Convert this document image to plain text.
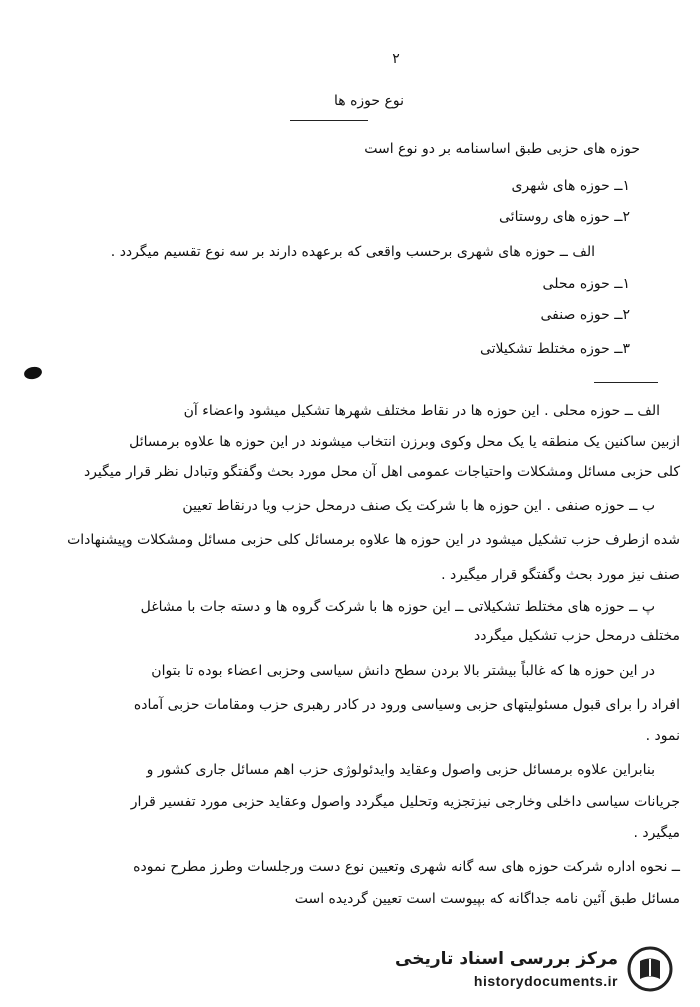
۲
نوع حوزه ها
حوزه های حزبی طبق اساسنامه بر دو نوع است
۱ــ حوزه های شهری
۲ــ حوزه های روستائی
الف ــ حوزه های شهری برحسب واقعی که برعهده دارند بر سه نوع تقسیم میگردد .
۱ــ حوزه محلی
۲ــ حوزه صنفی
۳ــ حوزه مختلط تشکیلاتی
الف ــ حوزه محلی . این حوزه ها در نقاط مختلف شهرها تشکیل میشود واعضاء آن
ازبین ساکنین یک منطقه یا یک محل وکوی وبرزن انتخاب میشوند در این حوزه ها علاوه برمسائل
کلی حزبی مسائل ومشکلات واحتیاجات عمومی اهل آن محل مورد بحث وگفتگو وتبادل نظر قرار میگیرد
ب ــ حوزه صنفی . این حوزه ها با شرکت یک صنف درمحل حزب ویا درنقاط تعیین
شده ازطرف حزب تشکیل میشود در این حوزه ها علاوه برمسائل کلی حزبی مسائل ومشکلات وپیشنهادات
صنف نیز مورد بحث وگفتگو قرار میگیرد .
پ ــ حوزه های مختلط تشکیلاتی ــ این حوزه ها با شرکت گروه ها و دسته جات با مشاغل
مختلف درمحل حزب تشکیل میگردد
در این حوزه ها که غالباً بیشتر بالا بردن سطح دانش سیاسی وحزبی اعضاء بوده تا بتوان
افراد را برای قبول مسئولیتهای حزبی وسیاسی ورود در کادر رهبری حزب ومقامات حزبی آماده
نمود .
بنابراین علاوه برمسائل حزبی واصول وعقاید وایدئولوژی حزب اهم مسائل جاری کشور و
جریانات سیاسی داخلی وخارجی نیزتجزیه وتحلیل میگردد واصول وعقاید حزبی مورد تفسیر قرار
میگیرد .
ــ نحوه اداره شرکت حوزه های سه گانه شهری وتعیین نوع دست ورجلسات وطرز مطرح نموده
مسائل طبق آئین نامه جداگانه که بپیوست است تعیین گردیده است
مرکز بررسی اسناد تاریخی
historydocuments.ir
